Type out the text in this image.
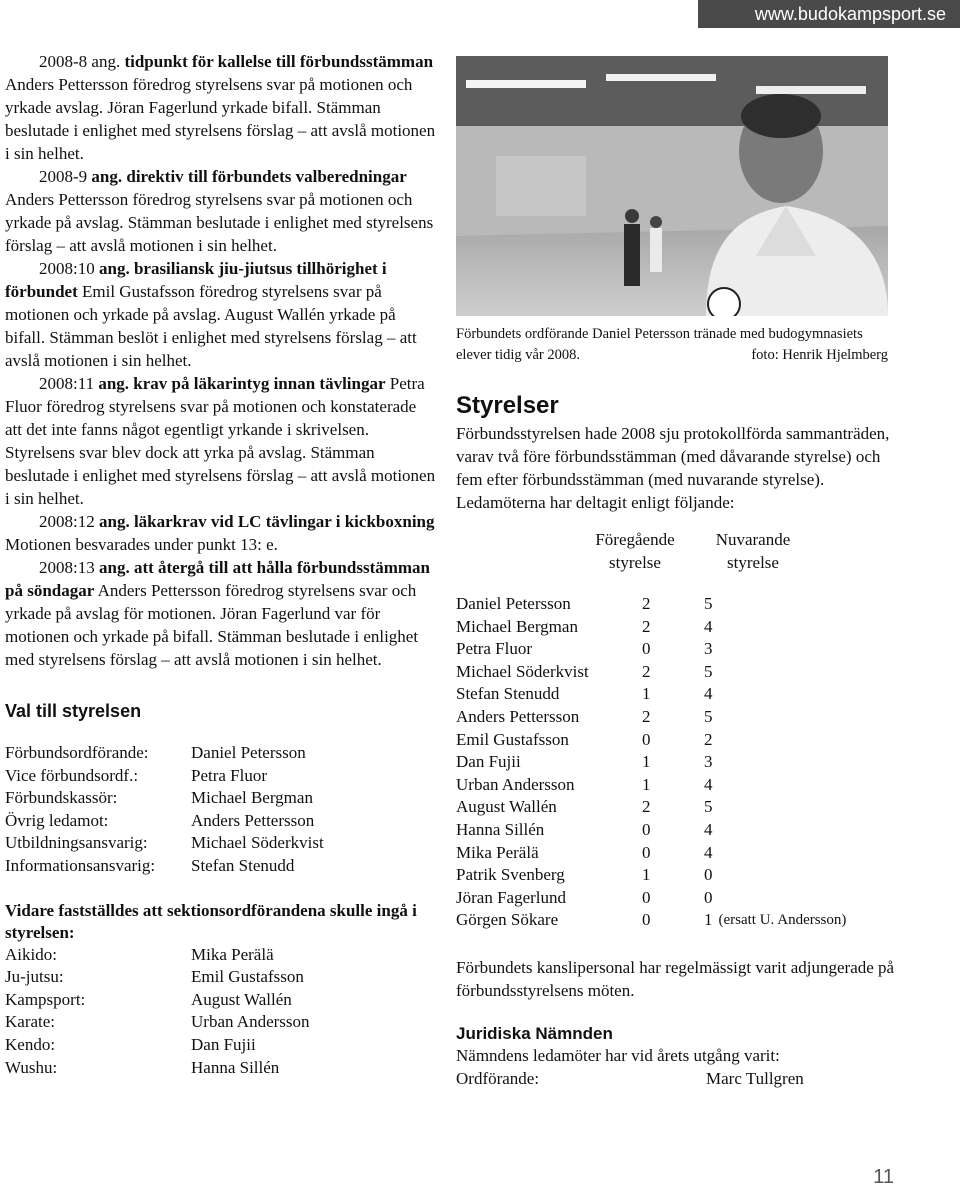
www.budokampsport.se

2008-8 ang. tidpunkt för kallelse till förbundsstämman Anders Pettersson föredrog styrelsens svar på motionen och yrkade avslag. Jöran Fagerlund yrkade bifall. Stämman beslutade i enlighet med styrelsens förslag – att avslå motionen i sin helhet.

2008-9 ang. direktiv till förbundets valberedningar Anders Pettersson föredrog styrelsens svar på motionen och yrkade på avslag. Stämman beslutade i enlighet med styrelsens förslag – att avslå motionen i sin helhet.

2008:10 ang. brasiliansk jiu-jiutsus tillhörighet i förbundet Emil Gustafsson föredrog styrelsens svar på motionen och yrkade på avslag. August Wallén yrkade på bifall. Stämman beslöt i enlighet med styrelsens förslag – att avslå motionen i sin helhet.

2008:11 ang. krav på läkarintyg innan tävlingar Petra Fluor föredrog styrelsens svar på motionen och konstaterade att det inte fanns något egentligt yrkande i skrivelsen. Styrelsens svar blev dock att yrka på avslag. Stämman beslutade i enlighet med styrelsens förslag – att avslå motionen i sin helhet.

2008:12 ang. läkarkrav vid LC tävlingar i kickboxning Motionen besvarades under punkt 13: e.

2008:13 ang. att återgå till att hålla förbundsstämman på söndagar Anders Pettersson föredrog styrelsens svar och yrkade på avslag för motionen. Jöran Fagerlund var för motionen och yrkade på bifall. Stämman beslutade i enlighet med styrelsens förslag – att avslå motionen i sin helhet.

Val till styrelsen
Förbundsordförande:	Daniel Petersson
Vice förbundsordf.:	Petra Fluor
Förbundskassör:	Michael Bergman
Övrig ledamot:	Anders Pettersson
Utbildningsansvarig:	Michael Söderkvist
Informationsansvarig:	Stefan Stenudd

Vidare fastställdes att sektionsordförandena skulle ingå i styrelsen:

Aikido:	Mika Perälä
Ju-jutsu:	Emil Gustafsson
Kampsport:	August Wallén
Karate:	Urban Andersson
Kendo:	Dan Fujii
Wushu:	Hanna Sillén

Förbundets ordförande Daniel Petersson tränade med budogymnasiets elever tidig vår 2008.	foto: Henrik Hjelmberg

Styrelser

Förbundsstyrelsen hade 2008 sju protokollförda sammanträden, varav två före förbundsstämman (med dåvarande styrelse) och fem efter förbundsstämman (med nuvarande styrelse). Ledamöterna har deltagit enligt följande:

Föregående
styrelse
Nuvarande
styrelse
Daniel Petersson	2	5
Michael Bergman	2	4
Petra Fluor	0	3
Michael Söderkvist	2	5
Stefan Stenudd	1	4
Anders Pettersson	2	5
Emil Gustafsson	0	2
Dan Fujii	1	3
Urban Andersson	1	4
August Wallén	2	5
Hanna Sillén	0	4
Mika Perälä	0	4
Patrik Svenberg	1	0
Jöran Fagerlund	0	0
Görgen Sökare	0	1 (ersatt U. Andersson)

Förbundets kanslipersonal har regelmässigt varit adjungerade på förbundsstyrelsens möten.

Juridiska Nämnden

Nämndens ledamöter har vid årets utgång varit:

Ordförande:	Marc Tullgren
11
